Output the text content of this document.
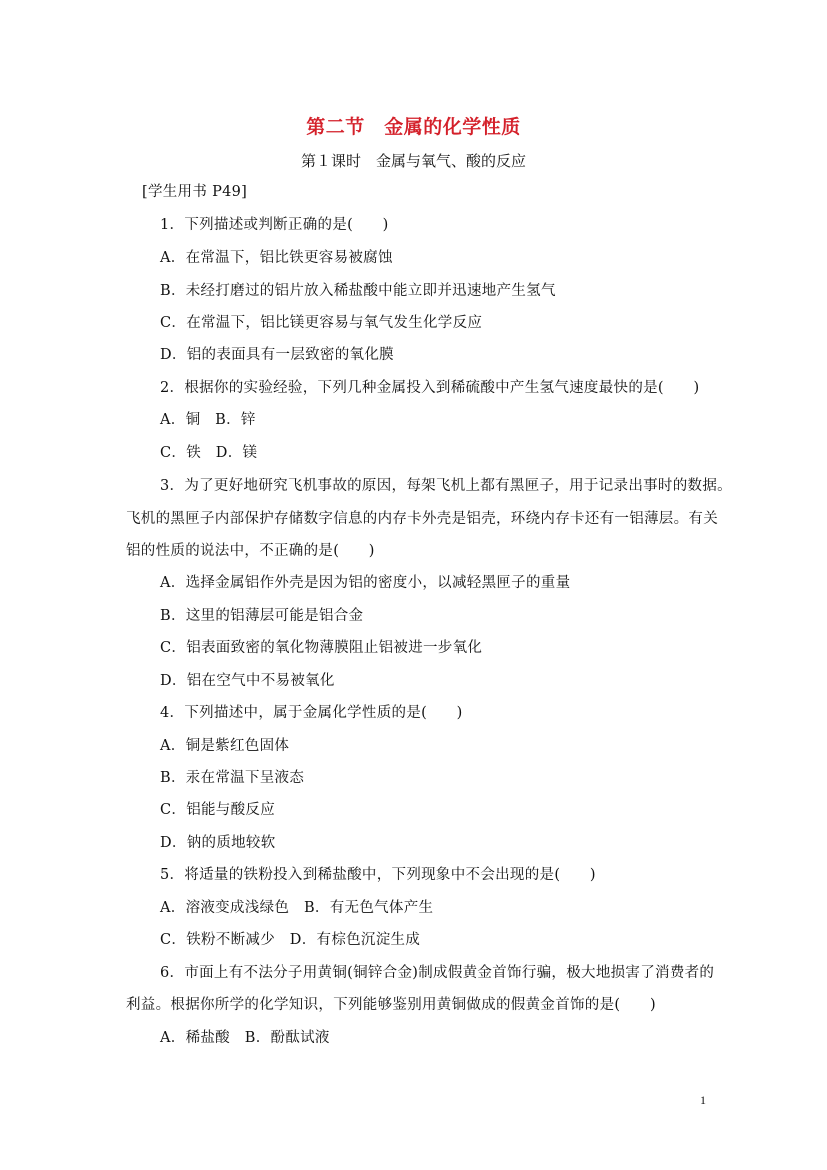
第二节　金属的化学性质
第１课时　金属与氧气、酸的反应
[学生用书 P49]
1．下列描述或判断正确的是(　　)
A．在常温下，铝比铁更容易被腐蚀
B．未经打磨过的铝片放入稀盐酸中能立即并迅速地产生氢气
C．在常温下，铝比镁更容易与氧气发生化学反应
D．铝的表面具有一层致密的氧化膜
2．根据你的实验经验，下列几种金属投入到稀硫酸中产生氢气速度最快的是(　　)
A．铜　B．锌
C．铁　D．镁
3．为了更好地研究飞机事故的原因，每架飞机上都有黑匣子，用于记录出事时的数据。
飞机的黑匣子内部保护存储数字信息的内存卡外壳是铝壳，环绕内存卡还有一铝薄层。有关
铝的性质的说法中，不正确的是(　　)
A．选择金属铝作外壳是因为铝的密度小，以减轻黑匣子的重量
B．这里的铝薄层可能是铝合金
C．铝表面致密的氧化物薄膜阻止铝被进一步氧化
D．铝在空气中不易被氧化
4．下列描述中，属于金属化学性质的是(　　)
A．铜是紫红色固体
B．汞在常温下呈液态
C．铝能与酸反应
D．钠的质地较软
5．将适量的铁粉投入到稀盐酸中，下列现象中不会出现的是(　　)
A．溶液变成浅绿色　B．有无色气体产生
C．铁粉不断减少　D．有棕色沉淀生成
6．市面上有不法分子用黄铜(铜锌合金)制成假黄金首饰行骗，极大地损害了消费者的
利益。根据你所学的化学知识，下列能够鉴别用黄铜做成的假黄金首饰的是(　　)
A．稀盐酸　B．酚酞试液
1
